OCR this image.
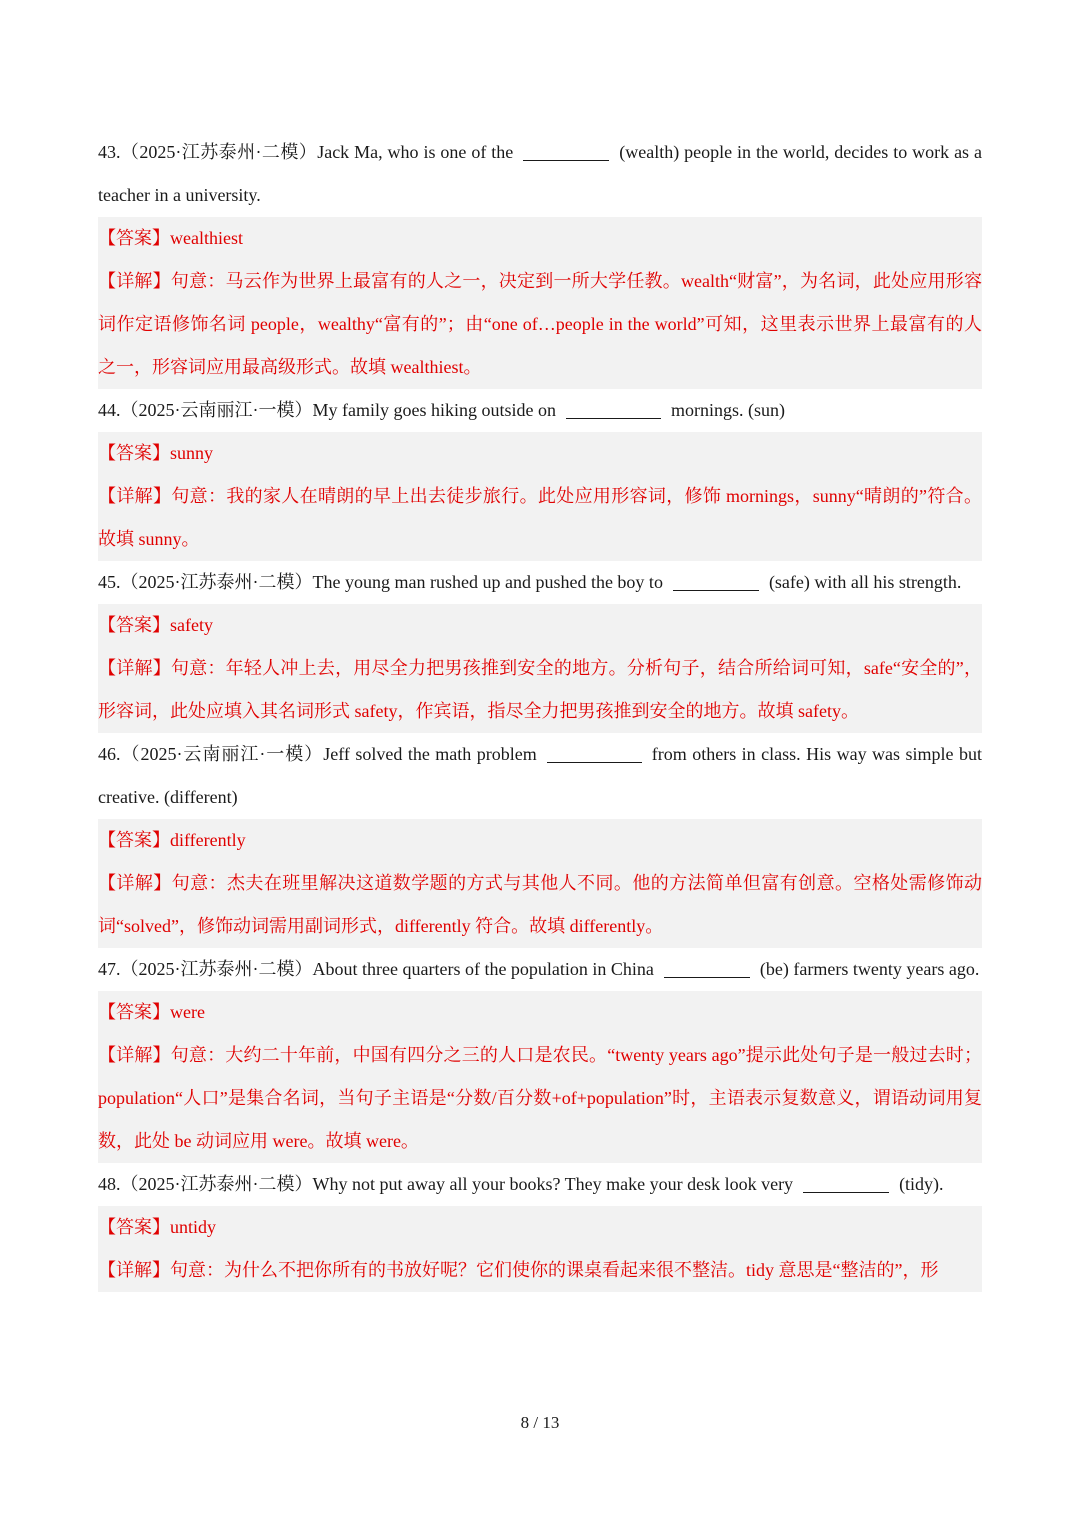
43.（2025·江苏泰州·二模）Jack Ma, who is one of the	(wealth) people in the world, decides to work as a teacher in a university.

【答案】wealthiest

【详解】句意：马云作为世界上最富有的人之一，决定到一所大学任教。wealth“财富”，为名词，此处应用形容词作定语修饰名词 people，wealthy“富有的”；由“one of…people in the world”可知，这里表示世界上最富有的人之一，形容词应用最高级形式。故填 wealthiest。

44.（2025·云南丽江·一模）My family goes hiking outside on	mornings. (sun)

【答案】sunny

【详解】句意：我的家人在晴朗的早上出去徒步旅行。此处应用形容词，修饰 mornings，sunny“晴朗的”符合。故填 sunny。

45.（2025·江苏泰州·二模）The young man rushed up and pushed the boy to	(safe) with all his strength.

【答案】safety

【详解】句意：年轻人冲上去，用尽全力把男孩推到安全的地方。分析句子，结合所给词可知，safe“安全的”，形容词，此处应填入其名词形式 safety，作宾语，指尽全力把男孩推到安全的地方。故填 safety。

46.（2025·云南丽江·一模）Jeff solved the math problem	from others in class. His way was simple but creative. (different)

【答案】differently

【详解】句意：杰夫在班里解决这道数学题的方式与其他人不同。他的方法简单但富有创意。空格处需修饰动词“solved”，修饰动词需用副词形式，differently 符合。故填 differently。

47.（2025·江苏泰州·二模）About three quarters of the population in China	(be) farmers twenty years ago.

【答案】were

【详解】句意：大约二十年前，中国有四分之三的人口是农民。“twenty years ago”提示此处句子是一般过去时；population“人口”是集合名词，当句子主语是“分数/百分数+of+population”时，主语表示复数意义，谓语动词用复数，此处 be 动词应用 were。故填 were。

48.（2025·江苏泰州·二模）Why not put away all your books? They make your desk look very	(tidy).

【答案】untidy

【详解】句意：为什么不把你所有的书放好呢？它们使你的课桌看起来很不整洁。tidy 意思是“整洁的”，形

8 / 13
